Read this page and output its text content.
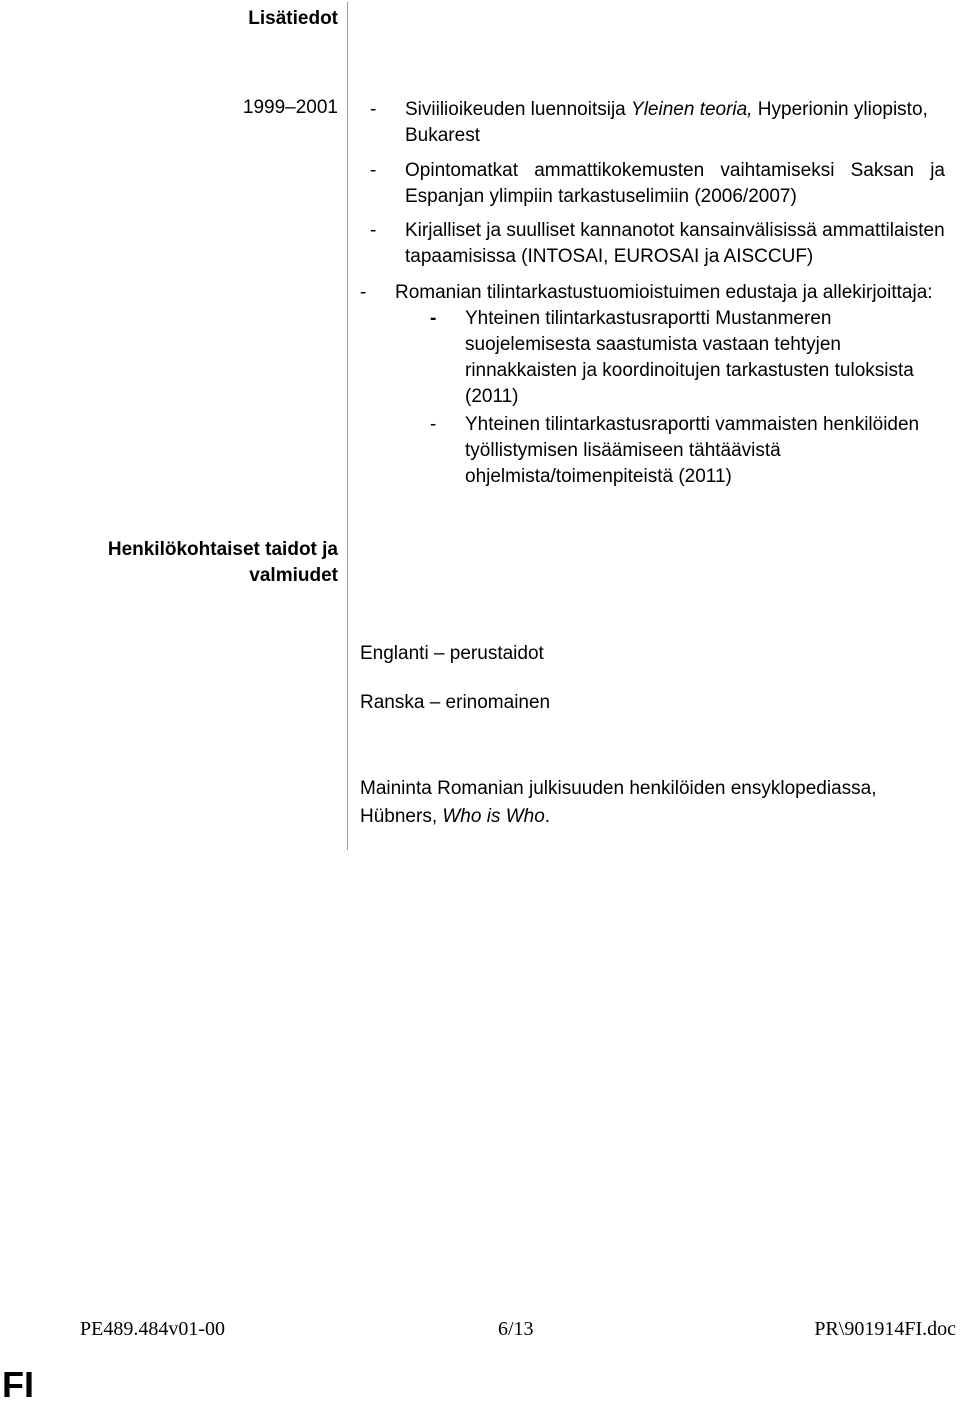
Lisätiedot
1999–2001
Henkilökohtaiset taidot ja
valmiudet
- Siviilioikeuden luennoitsija Yleinen teoria, Hyperionin yliopisto,
Bukarest
- Opintomatkat ammattikokemusten vaihtamiseksi Saksan ja
Espanjan ylimpiin tarkastuselimiin (2006/2007)
- Kirjalliset ja suulliset kannanotot kansainvälisissä ammattilaisten
tapaamisissa (INTOSAI, EUROSAI ja AISCCUF)
- Romanian tilintarkastustuomioistuimen edustaja ja allekirjoittaja:
- Yhteinen tilintarkastusraportti Mustanmeren
suojelemisesta saastumista vastaan tehtyjen
rinnakkaisten ja koordinoitujen tarkastusten tuloksista
(2011)
- Yhteinen tilintarkastusraportti vammaisten henkilöiden
työllistymisen lisäämiseen tähtäävistä
ohjelmista/toimenpiteistä (2011)
Englanti – perustaidot
Ranska – erinomainen
Maininta Romanian julkisuuden henkilöiden ensyklopediassa,
Hübners, Who is Who.
PE489.484v01-00	6/13	PR\901914FI.doc
FI
